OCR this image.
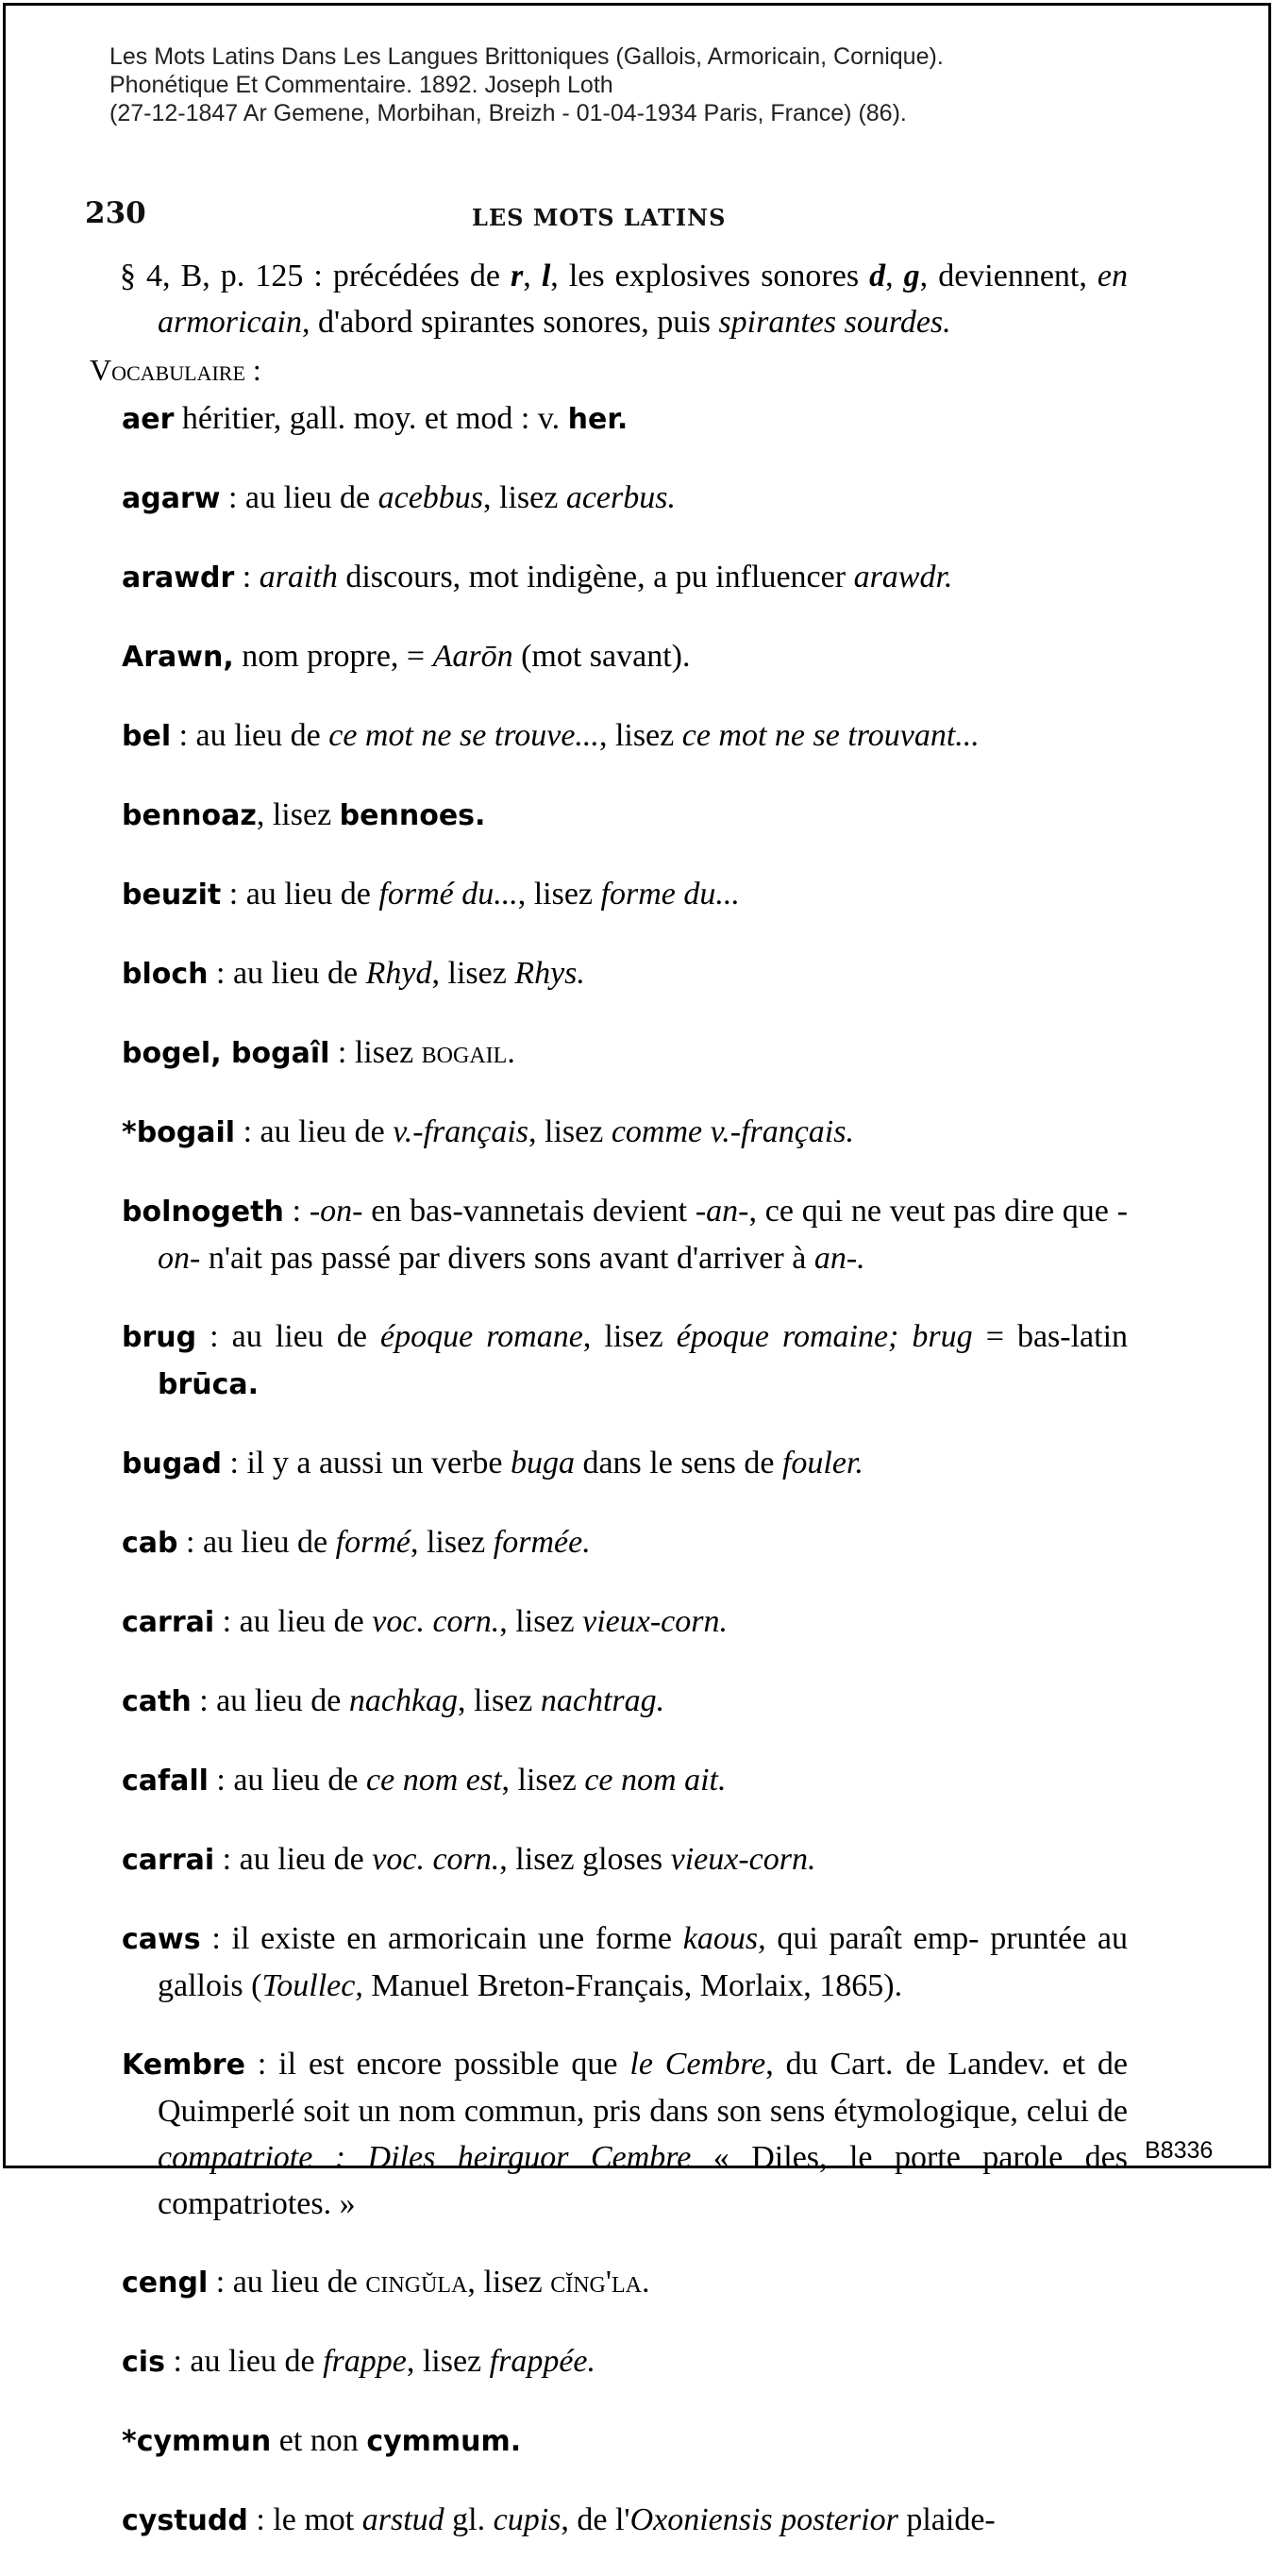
Les Mots Latins Dans Les Langues Brittoniques (Gallois, Armoricain, Cornique).
Phonétique Et Commentaire. 1892. Joseph Loth
(27-12-1847 Ar Gemene, Morbihan, Breizh - 01-04-1934 Paris, France) (86).
230	LES MOTS LATINS

§ 4, B, p. 125 : précédées de r, l, les explosives sonores d, g, deviennent, en armoricain, d'abord spirantes sonores, puis spirantes sourdes.

Vocabulaire :

aer héritier, gall. moy. et mod : v. her.

agarw : au lieu de acebbus, lisez acerbus.

arawdr : araith discours, mot indigène, a pu influencer arawdr.

Arawn, nom propre, = Aarōn (mot savant).

bel : au lieu de ce mot ne se trouve..., lisez ce mot ne se trouvant...

bennoaz, lisez bennoes.

beuzit : au lieu de formé du..., lisez forme du...

bloch : au lieu de Rhyd, lisez Rhys.

bogel, bogaîl : lisez bogail.

*bogail : au lieu de v.-français, lisez comme v.-français.

bolnogeth : -on- en bas-vannetais devient -an-, ce qui ne veut pas dire que -on- n'ait pas passé par divers sons avant d'arriver à an-.

brug : au lieu de époque romane, lisez époque romaine; brug = bas-latin brūca.

bugad : il y a aussi un verbe buga dans le sens de fouler.

cab : au lieu de formé, lisez formée.

carrai : au lieu de voc. corn., lisez vieux-corn.

cath : au lieu de nachkag, lisez nachtrag.

cafall : au lieu de ce nom est, lisez ce nom ait.

carrai : au lieu de voc. corn., lisez gloses vieux-corn.

caws : il existe en armoricain une forme kaous, qui paraît emp- pruntée au gallois (Toullec, Manuel Breton-Français, Morlaix, 1865).

Kembre : il est encore possible que le Cembre, du Cart. de Landev. et de Quimperlé soit un nom commun, pris dans son sens étymologique, celui de compatriote : Diles heirguor Cembre « Diles, le porte parole des compatriotes. »

cengl : au lieu de cingŭla, lisez cĭng'la.

cis : au lieu de frappe, lisez frappée.

*cymmun et non cymmum.

cystudd : le mot arstud gl. cupis, de l'Oxoniensis posterior plaide-

B8336
